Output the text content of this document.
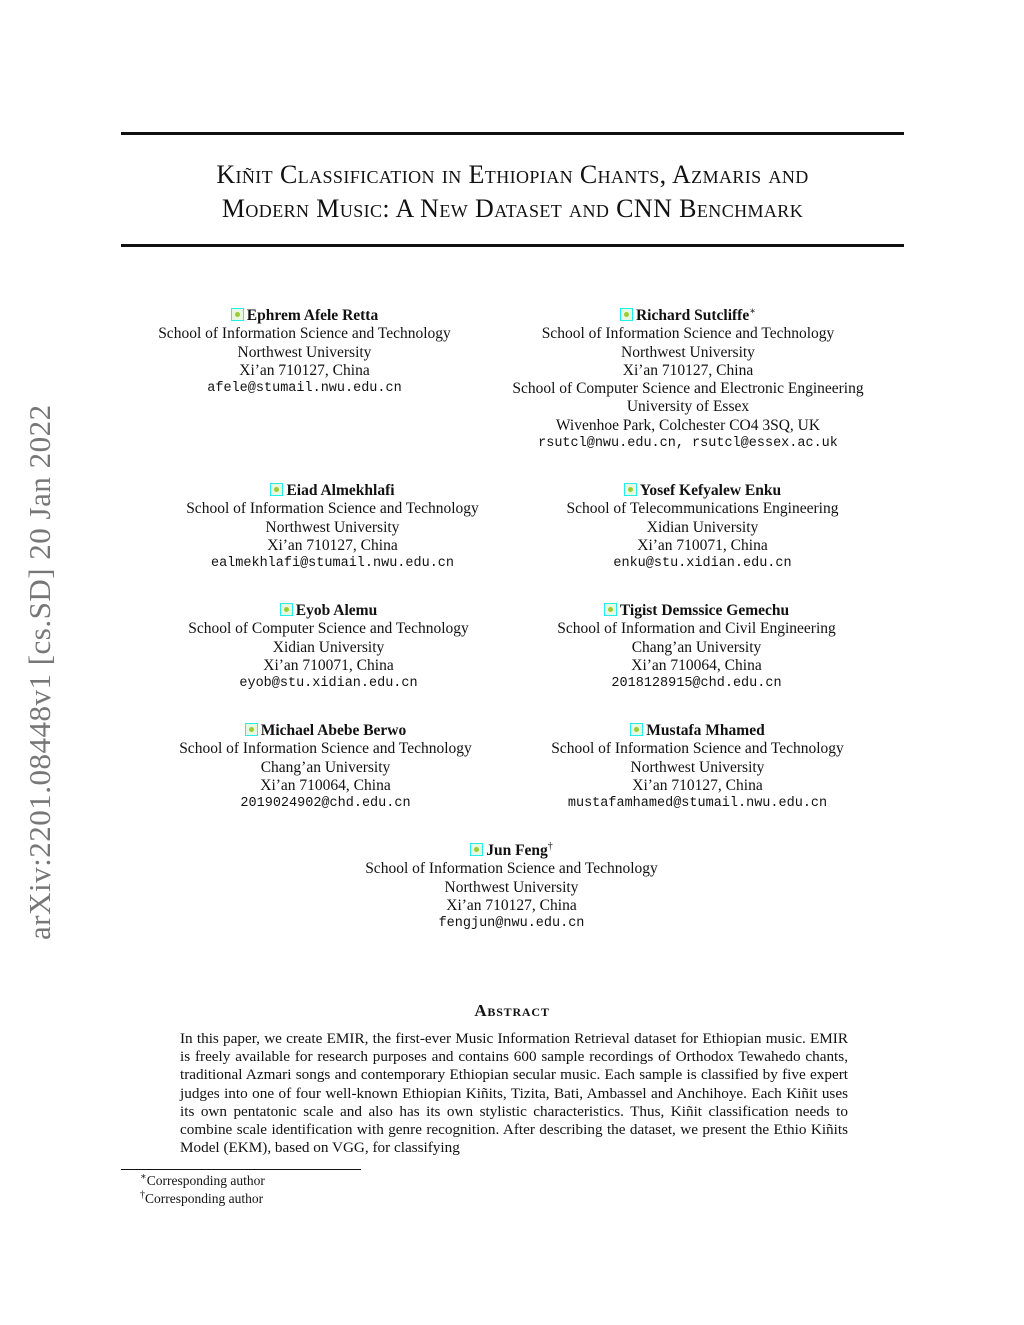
Kiñit Classification in Ethiopian Chants, Azmaris and
Modern Music: A New Dataset and CNN Benchmark
arXiv:2201.08448v1 [cs.SD] 20 Jan 2022
Ephrem Afele Retta
School of Information Science and Technology
Northwest University
Xi’an 710127, China
afele@stumail.nwu.edu.cn
Richard Sutcliffe∗
School of Information Science and Technology
Northwest University
Xi’an 710127, China
School of Computer Science and Electronic Engineering
University of Essex
Wivenhoe Park, Colchester CO4 3SQ, UK
rsutcl@nwu.edu.cn, rsutcl@essex.ac.uk
Eiad Almekhlafi
School of Information Science and Technology
Northwest University
Xi’an 710127, China
ealmekhlafi@stumail.nwu.edu.cn
Yosef Kefyalew Enku
School of Telecommunications Engineering
Xidian University
Xi’an 710071, China
enku@stu.xidian.edu.cn
Eyob Alemu
School of Computer Science and Technology
Xidian University
Xi’an 710071, China
eyob@stu.xidian.edu.cn
Tigist Demssice Gemechu
School of Information and Civil Engineering
Chang’an University
Xi’an 710064, China
2018128915@chd.edu.cn
Michael Abebe Berwo
School of Information Science and Technology
Chang’an University
Xi’an 710064, China
2019024902@chd.edu.cn
Mustafa Mhamed
School of Information Science and Technology
Northwest University
Xi’an 710127, China
mustafamhamed@stumail.nwu.edu.cn
Jun Feng†
School of Information Science and Technology
Northwest University
Xi’an 710127, China
fengjun@nwu.edu.cn
Abstract
In this paper, we create EMIR, the first-ever Music Information Retrieval dataset for Ethiopian music. EMIR is freely available for research purposes and contains 600 sample recordings of Orthodox Tewahedo chants, traditional Azmari songs and contemporary Ethiopian secular music. Each sample is classified by five expert judges into one of four well-known Ethiopian Kiñits, Tizita, Bati, Ambassel and Anchihoye. Each Kiñit uses its own pentatonic scale and also has its own stylistic characteristics. Thus, Kiñit classification needs to combine scale identification with genre recognition. After describing the dataset, we present the Ethio Kiñits Model (EKM), based on VGG, for classifying
∗Corresponding author
†Corresponding author
